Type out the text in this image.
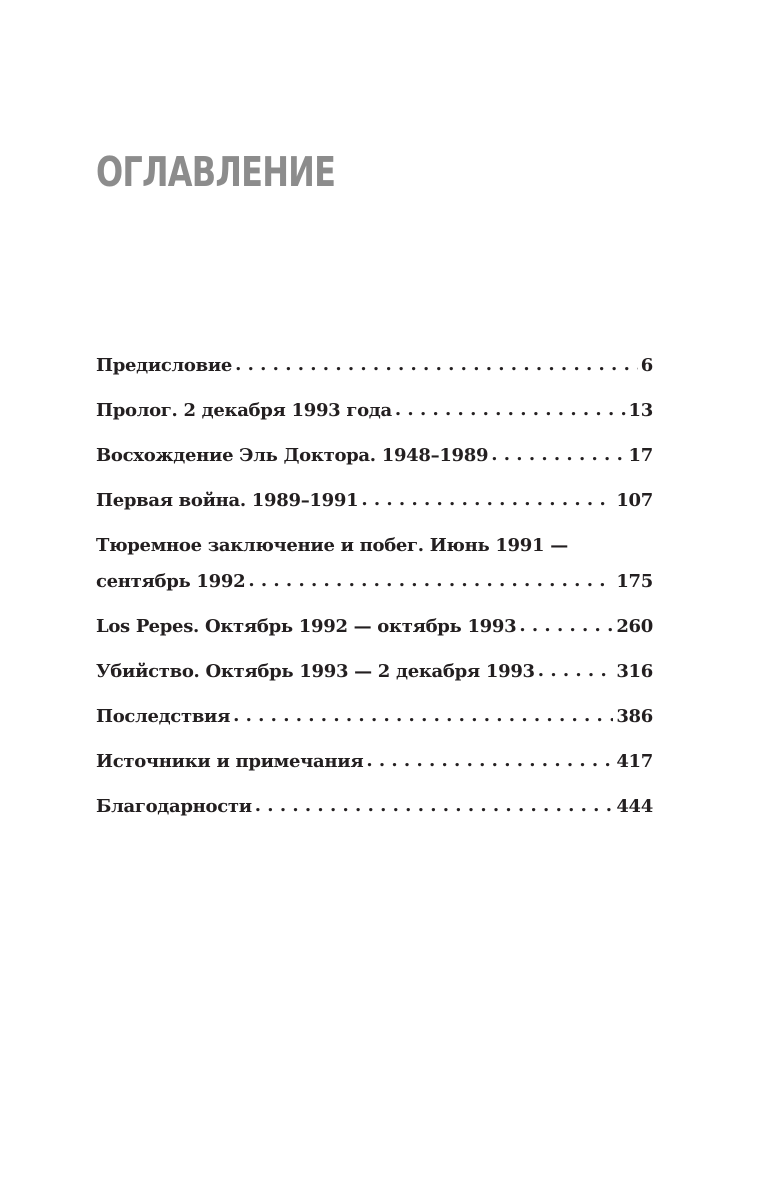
ОГЛАВЛЕНИЕ
Предисловие . . .	6
Пролог. 2 декабря 1993 года . . .	13
Восхождение Эль Доктора. 1948–1989 . . .	17
Первая война. 1989–1991 . . .	107
Тюремное заключение и побег. Июнь 1991 —
сентябрь 1992 . . .	175
Los Pepes. Октябрь 1992 — октябрь 1993 . . .	260
Убийство. Октябрь 1993 — 2 декабря 1993 . . .	316
Последствия . . .	386
Источники и примечания . . .	417
Благодарности . . .	444
